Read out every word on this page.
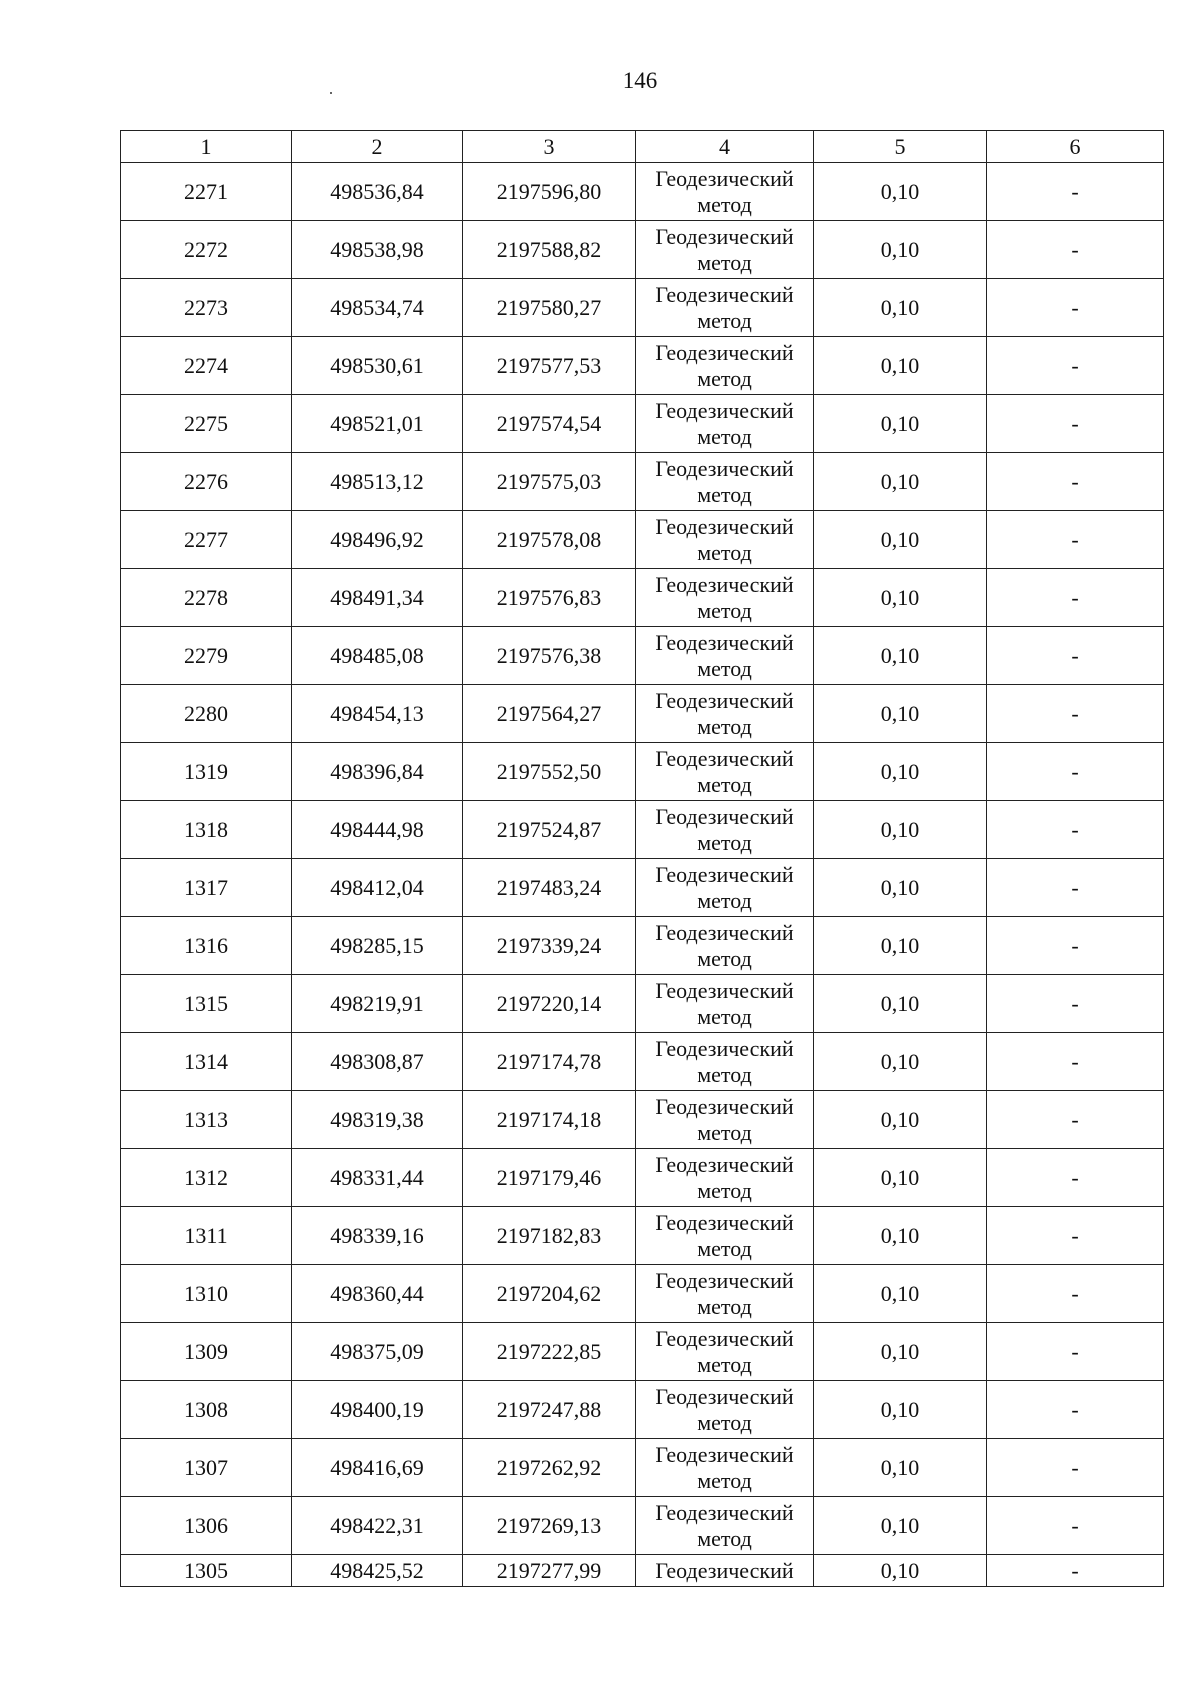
146
1	2	3	4	5	6
2271	498536,84	2197596,80	Геодезический метод	0,10	-
2272	498538,98	2197588,82	Геодезический метод	0,10	-
2273	498534,74	2197580,27	Геодезический метод	0,10	-
2274	498530,61	2197577,53	Геодезический метод	0,10	-
2275	498521,01	2197574,54	Геодезический метод	0,10	-
2276	498513,12	2197575,03	Геодезический метод	0,10	-
2277	498496,92	2197578,08	Геодезический метод	0,10	-
2278	498491,34	2197576,83	Геодезический метод	0,10	-
2279	498485,08	2197576,38	Геодезический метод	0,10	-
2280	498454,13	2197564,27	Геодезический метод	0,10	-
1319	498396,84	2197552,50	Геодезический метод	0,10	-
1318	498444,98	2197524,87	Геодезический метод	0,10	-
1317	498412,04	2197483,24	Геодезический метод	0,10	-
1316	498285,15	2197339,24	Геодезический метод	0,10	-
1315	498219,91	2197220,14	Геодезический метод	0,10	-
1314	498308,87	2197174,78	Геодезический метод	0,10	-
1313	498319,38	2197174,18	Геодезический метод	0,10	-
1312	498331,44	2197179,46	Геодезический метод	0,10	-
1311	498339,16	2197182,83	Геодезический метод	0,10	-
1310	498360,44	2197204,62	Геодезический метод	0,10	-
1309	498375,09	2197222,85	Геодезический метод	0,10	-
1308	498400,19	2197247,88	Геодезический метод	0,10	-
1307	498416,69	2197262,92	Геодезический метод	0,10	-
1306	498422,31	2197269,13	Геодезический метод	0,10	-
1305	498425,52	2197277,99	Геодезический	0,10	-
